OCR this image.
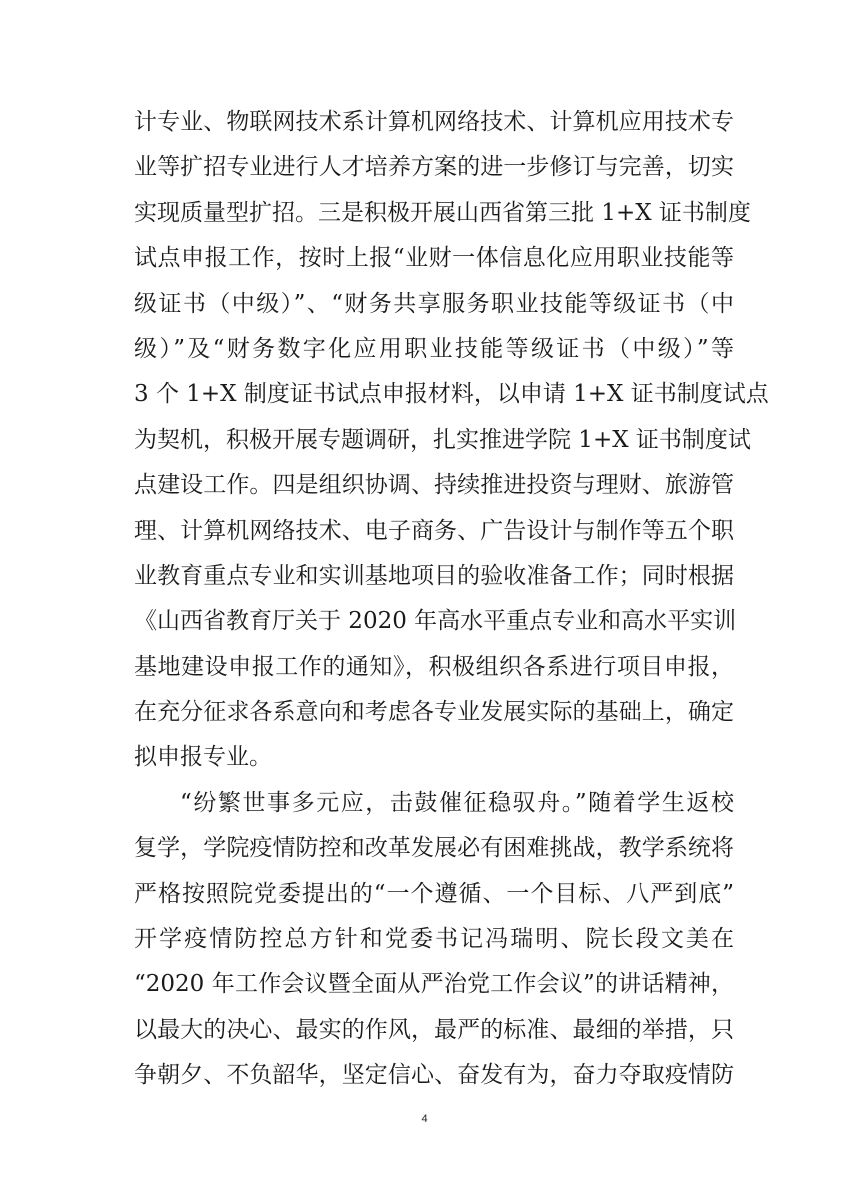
计专业、物联网技术系计算机网络技术、计算机应用技术专
业等扩招专业进行人才培养方案的进一步修订与完善，切实
实现质量型扩招。三是积极开展山西省第三批 1+X 证书制度
试点申报工作，按时上报“业财一体信息化应用职业技能等
级证书（中级）”、“财务共享服务职业技能等级证书（中
级）”及“财务数字化应用职业技能等级证书（中级）”等
3 个 1+X 制度证书试点申报材料，以申请 1+X 证书制度试点
为契机，积极开展专题调研，扎实推进学院 1+X 证书制度试
点建设工作。四是组织协调、持续推进投资与理财、旅游管
理、计算机网络技术、电子商务、广告设计与制作等五个职
业教育重点专业和实训基地项目的验收准备工作；同时根据
《山西省教育厅关于 2020 年高水平重点专业和高水平实训
基地建设申报工作的通知》，积极组织各系进行项目申报，
在充分征求各系意向和考虑各专业发展实际的基础上，确定
拟申报专业。

“纷繁世事多元应，击鼓催征稳驭舟。”随着学生返校
复学，学院疫情防控和改革发展必有困难挑战，教学系统将
严格按照院党委提出的“一个遵循、一个目标、八严到底”
开学疫情防控总方针和党委书记冯瑞明、院长段文美在
“2020 年工作会议暨全面从严治党工作会议”的讲话精神，
以最大的决心、最实的作风，最严的标准、最细的举措，只
争朝夕、不负韶华，坚定信心、奋发有为，奋力夺取疫情防

4
